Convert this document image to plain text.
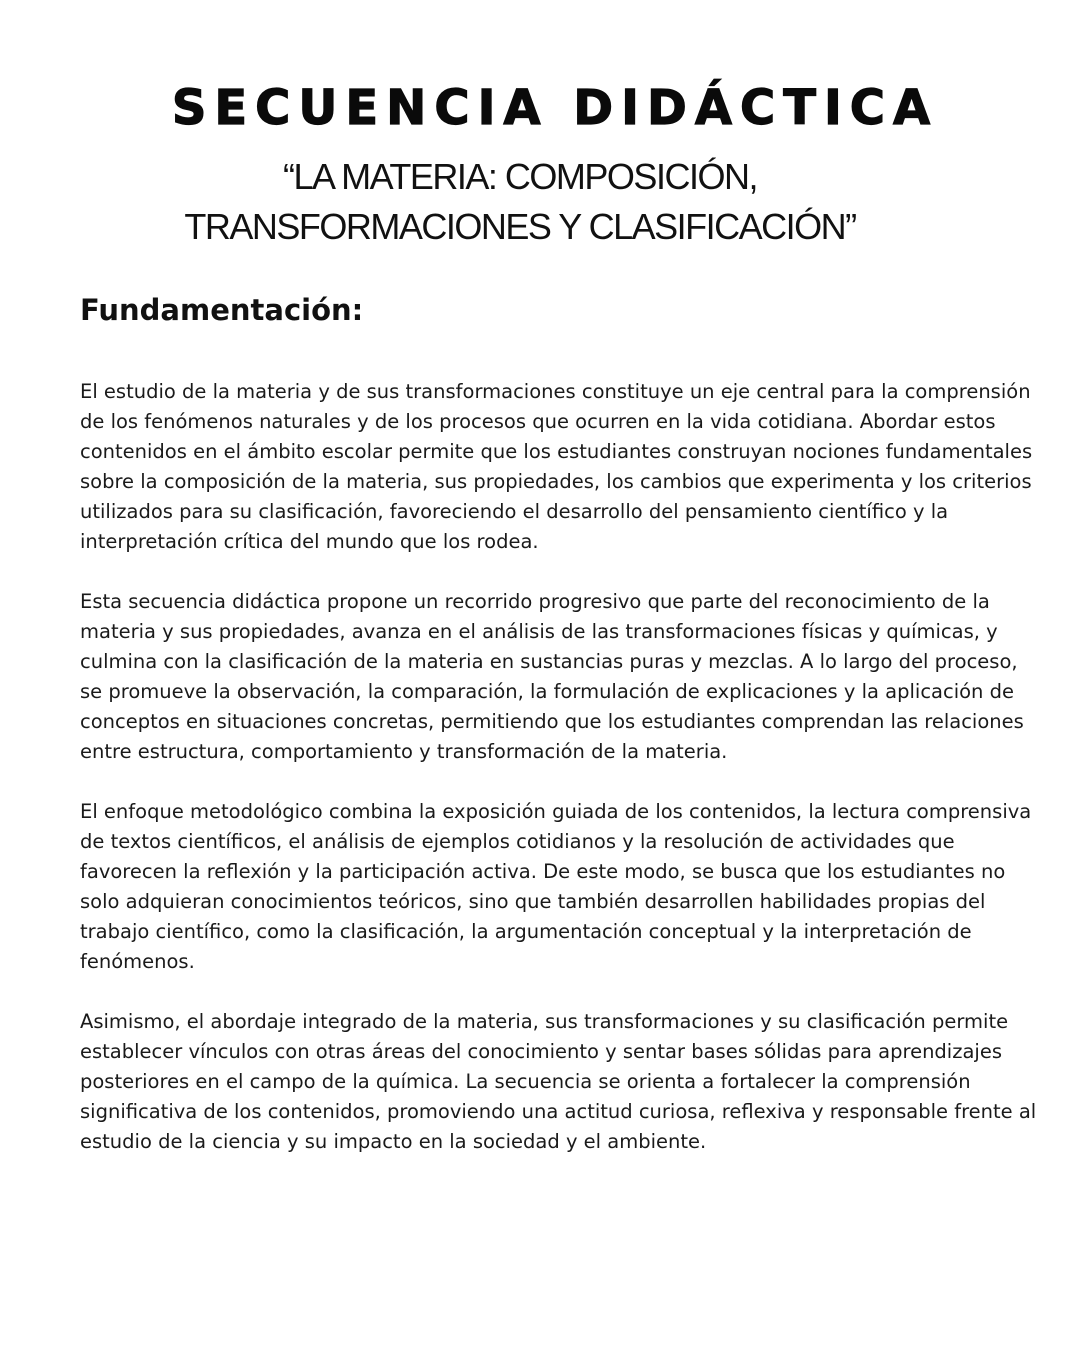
SECUENCIA DIDÁCTICA
“LA MATERIA: COMPOSICIÓN,
TRANSFORMACIONES Y CLASIFICACIÓN”
Fundamentación:

El estudio de la materia y de sus transformaciones constituye un eje central para la comprensión de los fenómenos naturales y de los procesos que ocurren en la vida cotidiana. Abordar estos contenidos en el ámbito escolar permite que los estudiantes construyan nociones fundamentales sobre la composición de la materia, sus propiedades, los cambios que experimenta y los criterios utilizados para su clasificación, favoreciendo el desarrollo del pensamiento científico y la interpretación crítica del mundo que los rodea.

Esta secuencia didáctica propone un recorrido progresivo que parte del reconocimiento de la materia y sus propiedades, avanza en el análisis de las transformaciones físicas y químicas, y culmina con la clasificación de la materia en sustancias puras y mezclas. A lo largo del proceso, se promueve la observación, la comparación, la formulación de explicaciones y la aplicación de conceptos en situaciones concretas, permitiendo que los estudiantes comprendan las relaciones entre estructura, comportamiento y transformación de la materia.

El enfoque metodológico combina la exposición guiada de los contenidos, la lectura comprensiva de textos científicos, el análisis de ejemplos cotidianos y la resolución de actividades que favorecen la reflexión y la participación activa. De este modo, se busca que los estudiantes no solo adquieran conocimientos teóricos, sino que también desarrollen habilidades propias del trabajo científico, como la clasificación, la argumentación conceptual y la interpretación de fenómenos.

Asimismo, el abordaje integrado de la materia, sus transformaciones y su clasificación permite establecer vínculos con otras áreas del conocimiento y sentar bases sólidas para aprendizajes posteriores en el campo de la química. La secuencia se orienta a fortalecer la comprensión significativa de los contenidos, promoviendo una actitud curiosa, reflexiva y responsable frente al estudio de la ciencia y su impacto en la sociedad y el ambiente.
